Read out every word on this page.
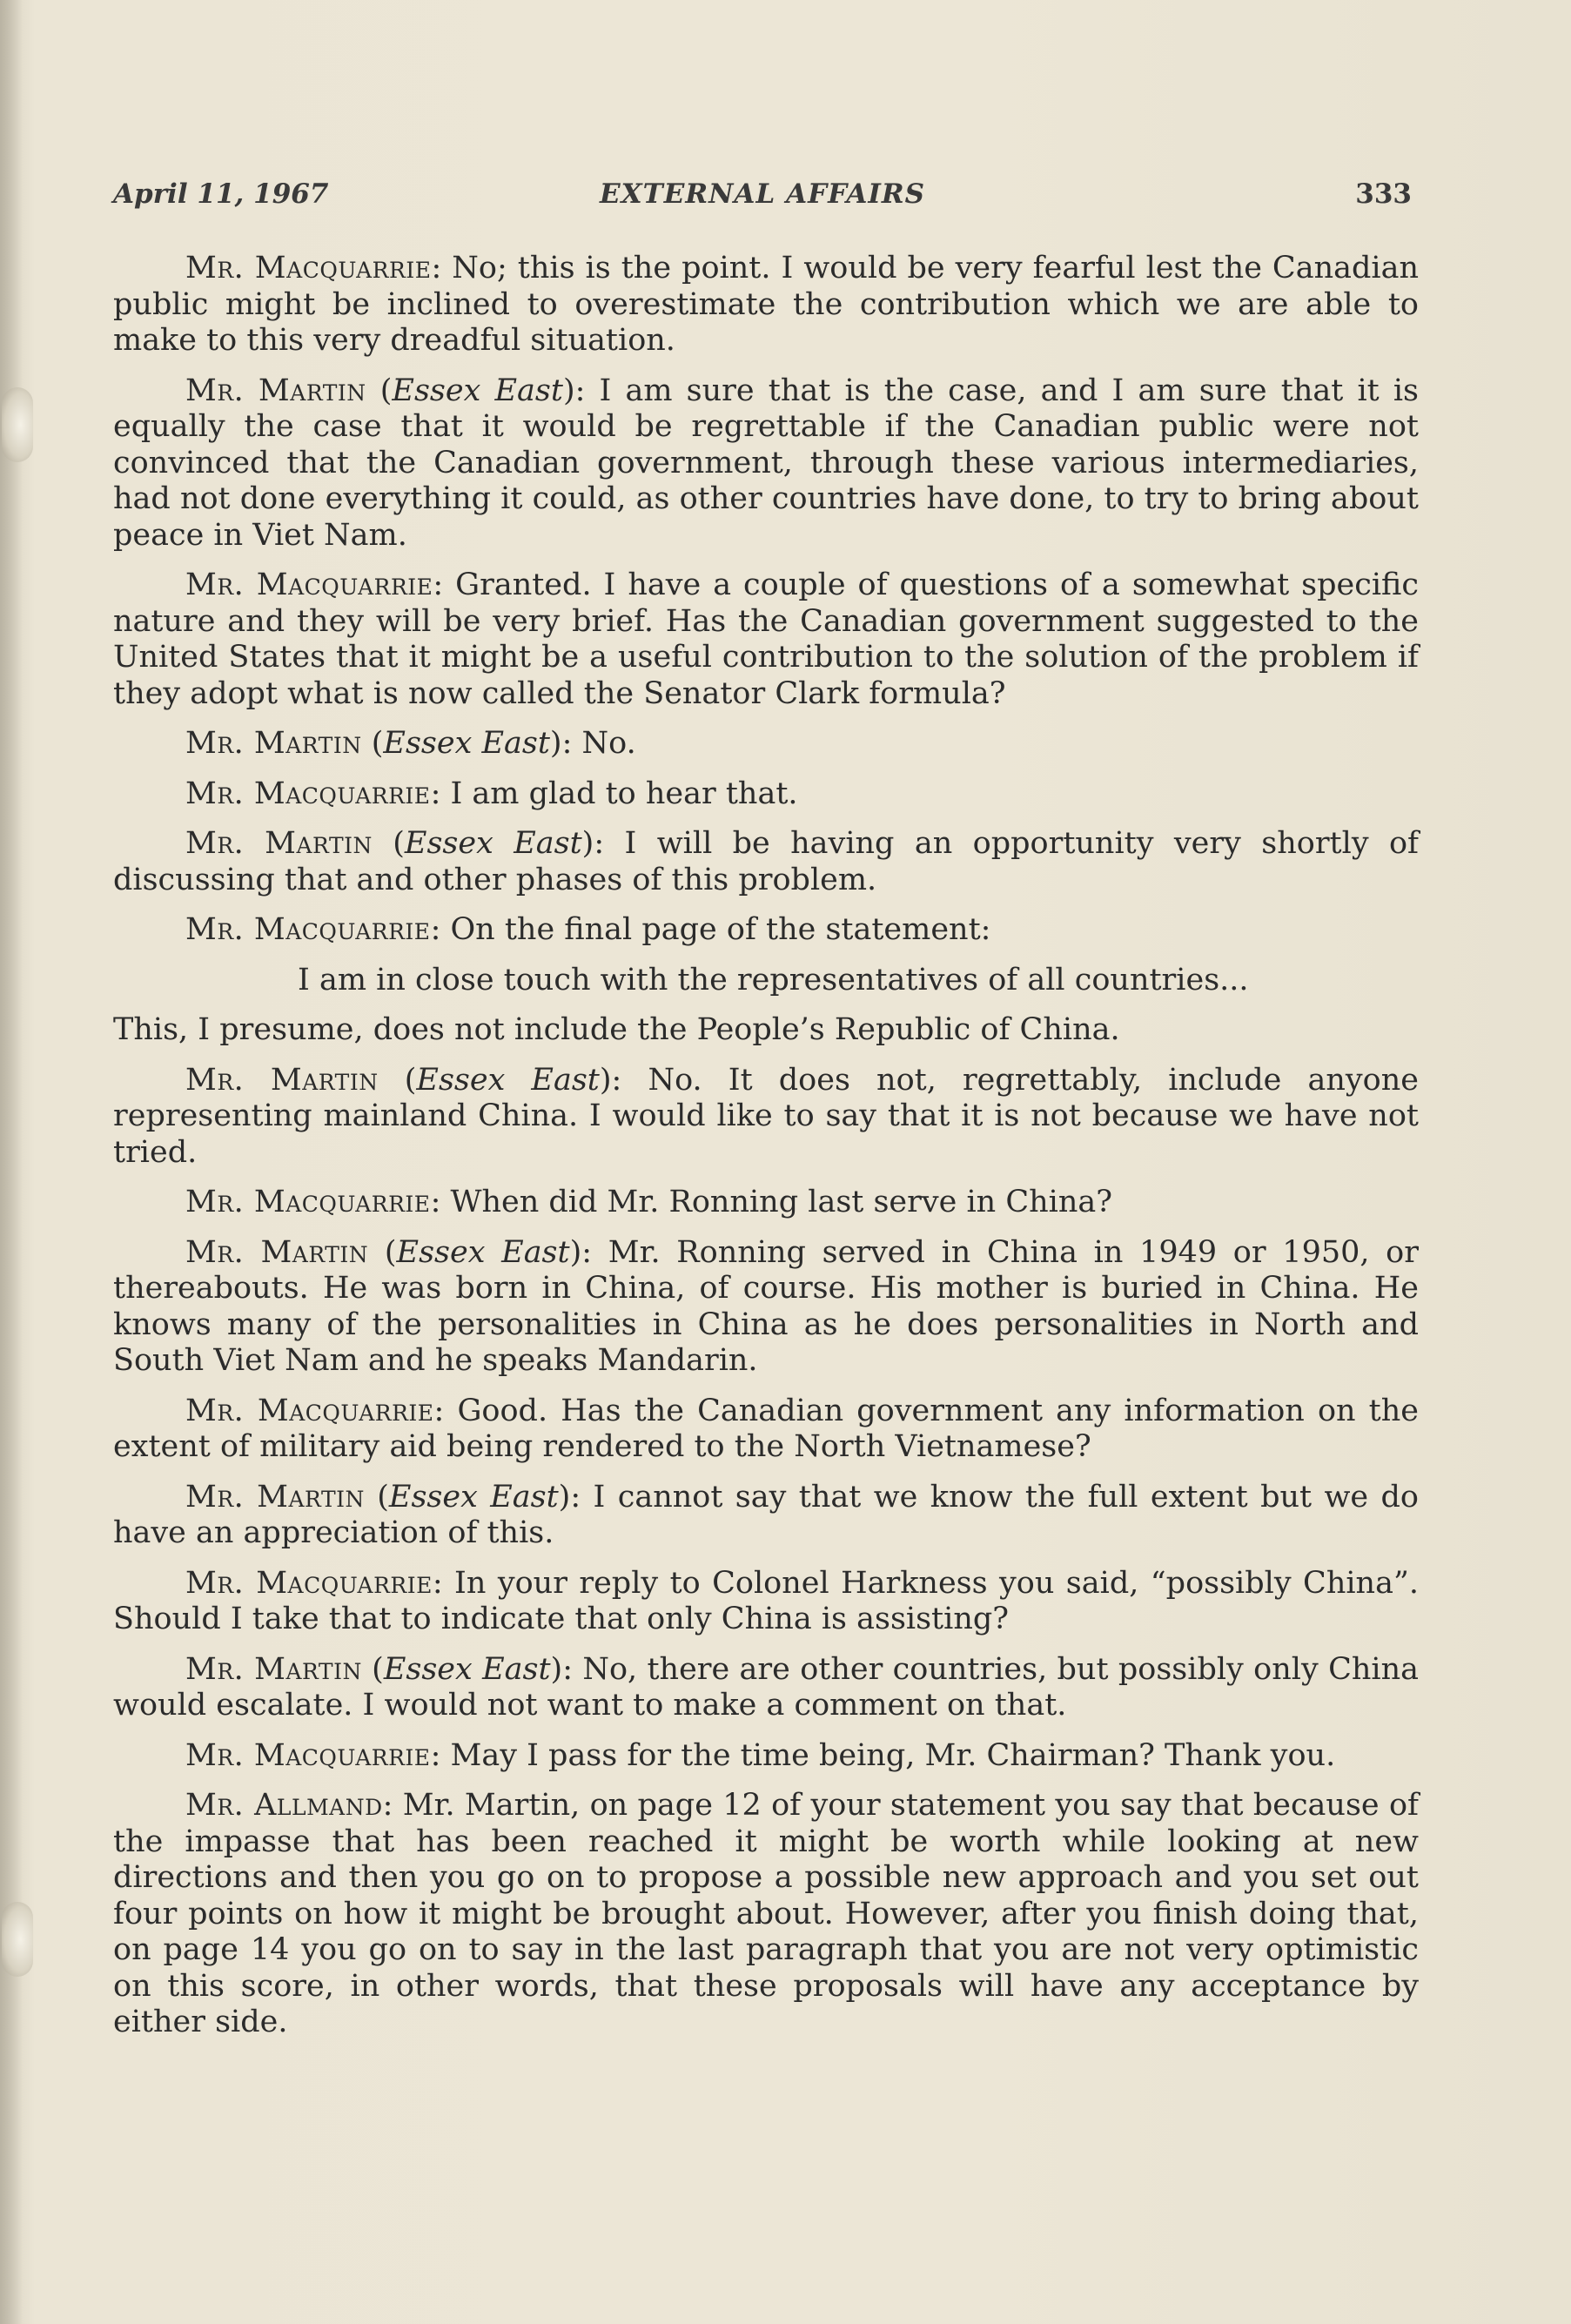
April 11, 1967	EXTERNAL AFFAIRS	333

Mr. Macquarrie: No; this is the point. I would be very fearful lest the Canadian public might be inclined to overestimate the contribution which we are able to make to this very dreadful situation.

Mr. Martin (Essex East): I am sure that is the case, and I am sure that it is equally the case that it would be regrettable if the Canadian public were not convinced that the Canadian government, through these various intermediaries, had not done everything it could, as other countries have done, to try to bring about peace in Viet Nam.

Mr. Macquarrie: Granted. I have a couple of questions of a somewhat specific nature and they will be very brief. Has the Canadian government suggested to the United States that it might be a useful contribution to the solution of the problem if they adopt what is now called the Senator Clark formula?

Mr. Martin (Essex East): No.

Mr. Macquarrie: I am glad to hear that.

Mr. Martin (Essex East): I will be having an opportunity very shortly of discussing that and other phases of this problem.

Mr. Macquarrie: On the final page of the statement:

I am in close touch with the representatives of all countries...

This, I presume, does not include the People’s Republic of China.

Mr. Martin (Essex East): No. It does not, regrettably, include anyone representing mainland China. I would like to say that it is not because we have not tried.

Mr. Macquarrie: When did Mr. Ronning last serve in China?

Mr. Martin (Essex East): Mr. Ronning served in China in 1949 or 1950, or thereabouts. He was born in China, of course. His mother is buried in China. He knows many of the personalities in China as he does personalities in North and South Viet Nam and he speaks Mandarin.

Mr. Macquarrie: Good. Has the Canadian government any information on the extent of military aid being rendered to the North Vietnamese?

Mr. Martin (Essex East): I cannot say that we know the full extent but we do have an appreciation of this.

Mr. Macquarrie: In your reply to Colonel Harkness you said, “possibly China”. Should I take that to indicate that only China is assisting?

Mr. Martin (Essex East): No, there are other countries, but possibly only China would escalate. I would not want to make a comment on that.

Mr. Macquarrie: May I pass for the time being, Mr. Chairman? Thank you.

Mr. Allmand: Mr. Martin, on page 12 of your statement you say that because of the impasse that has been reached it might be worth while looking at new directions and then you go on to propose a possible new approach and you set out four points on how it might be brought about. However, after you finish doing that, on page 14 you go on to say in the last paragraph that you are not very optimistic on this score, in other words, that these proposals will have any acceptance by either side.
